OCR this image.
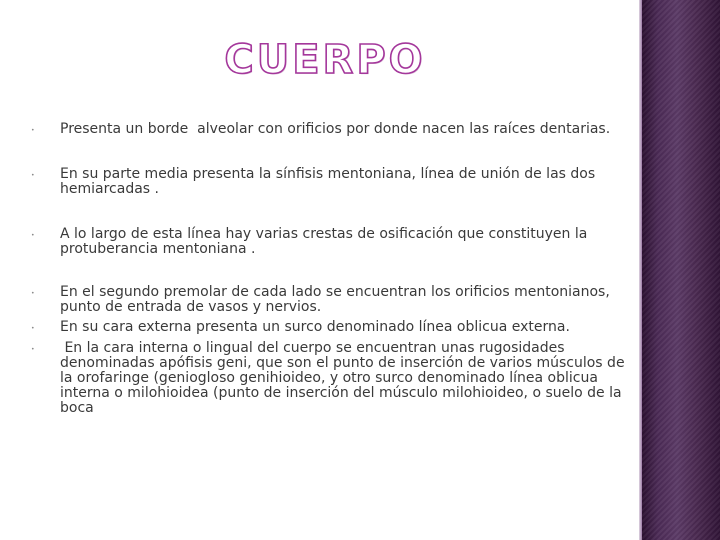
CUERPO
• Presenta un borde  alveolar con orificios por donde nacen las raíces dentarias.
• En su parte media presenta la sínfisis mentoniana, línea de unión de las dos hemiarcadas .
• A lo largo de esta línea hay varias crestas de osificación que constituyen la protuberancia mentoniana .
• En el segundo premolar de cada lado se encuentran los orificios mentonianos, punto de entrada de vasos y nervios.
• En su cara externa presenta un surco denominado línea oblicua externa.
• En la cara interna o lingual del cuerpo se encuentran unas rugosidades denominadas apófisis geni, que son el punto de inserción de varios músculos de la orofaringe (geniogloso genihioideo, y otro surco denominado línea oblicua interna o milohioidea (punto de inserción del músculo milohioideo, o suelo de la boca
